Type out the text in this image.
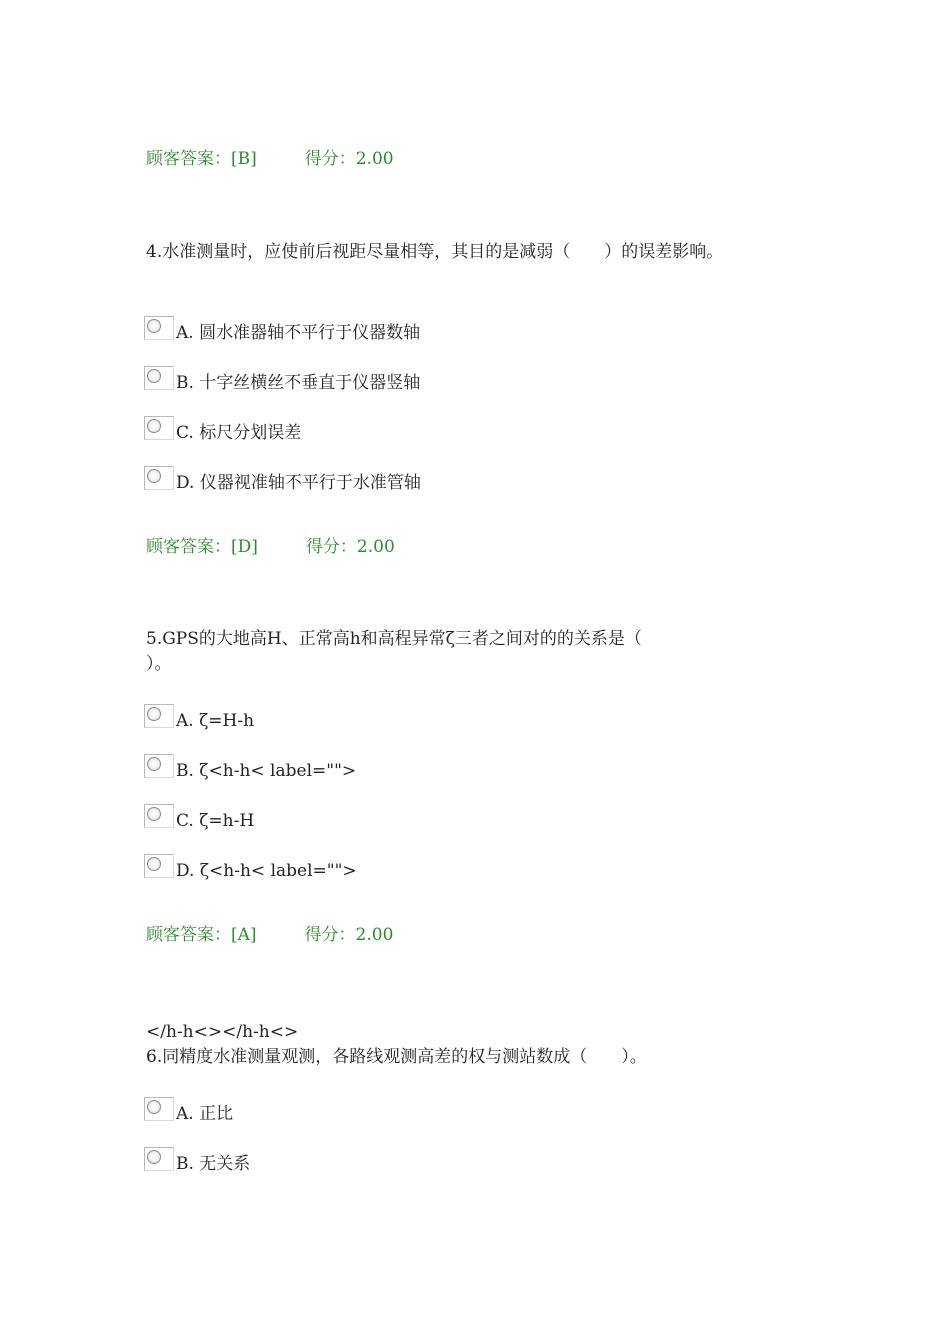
顾客答案：[B]	得分：2.00
4.水准测量时，应使前后视距尽量相等，其目的是减弱（　　）的误差影响。
A. 圆水准器轴不平行于仪器数轴
B. 十字丝横丝不垂直于仪器竖轴
C. 标尺分划误差
D. 仪器视准轴不平行于水准管轴
顾客答案：[D]	得分：2.00
5.GPS的大地高H、正常高h和高程异常ζ三者之间对的的关系是（
）。
A. ζ=H-h
B. ζ<h-h< label="">
C. ζ=h-H
D. ζ<h-h< label="">
顾客答案：[A]	得分：2.00
</h-h<></h-h<>
6.同精度水准测量观测，各路线观测高差的权与测站数成（　　）。
A. 正比
B. 无关系
